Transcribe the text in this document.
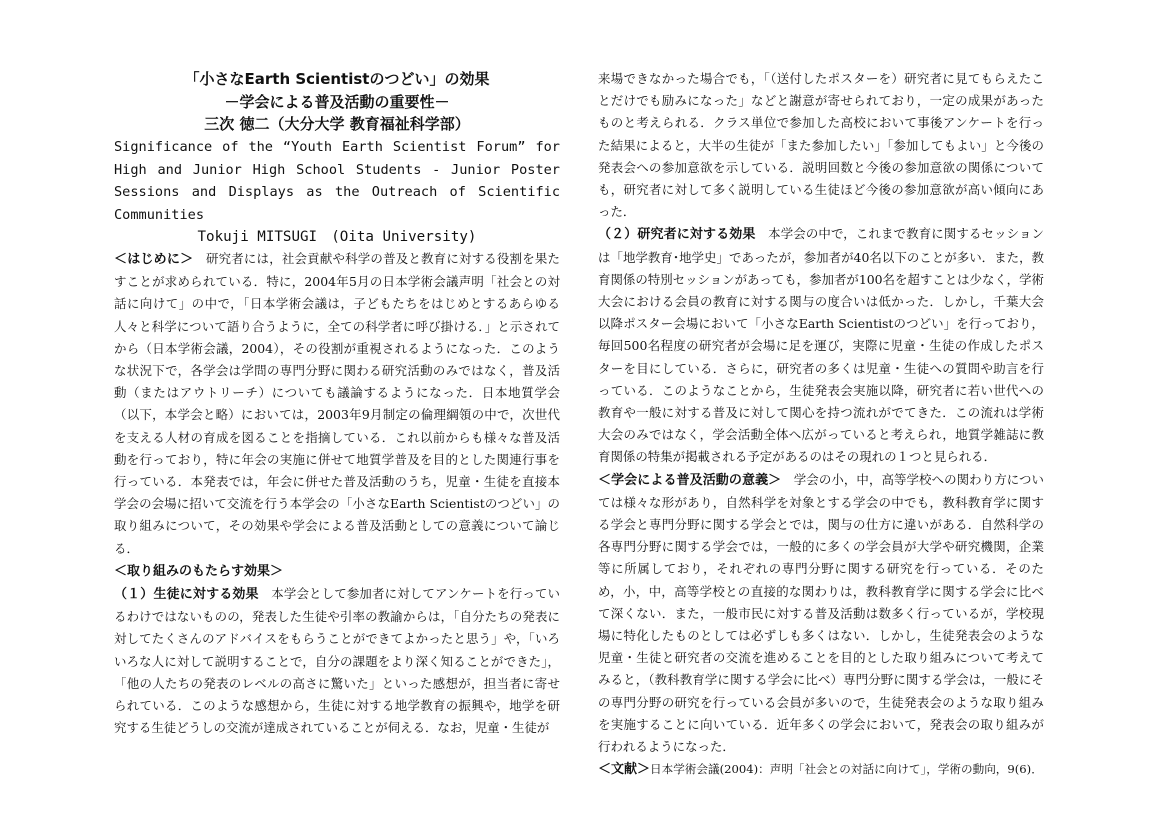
「小さなEarth Scientistのつどい」の効果
－学会による普及活動の重要性－
三次 徳二（大分大学 教育福祉科学部）
Significance of the “Youth Earth Scientist Forum” for High and Junior High School Students - Junior Poster Sessions and Displays as the Outreach of Scientific Communities
Tokuji MITSUGI　(Oita University)

＜はじめに＞　 研究者には，社会貢献や科学の普及と教育に対する役割を果たすことが求められている．特に，2004年5月の日本学術会議声明「社会との対話に向けて」の中で，「日本学術会議は，子どもたちをはじめとするあらゆる人々と科学について語り合うように，全ての科学者に呼び掛ける．」と示されてから（日本学術会議，2004），その役割が重視されるようになった．このような状況下で，各学会は学問の専門分野に関わる研究活動のみではなく，普及活動（またはアウトリーチ）についても議論するようになった．日本地質学会（以下，本学会と略）においては，2003年9月制定の倫理綱領の中で，次世代を支える人材の育成を図ることを指摘している．これ以前からも様々な普及活動を行っており，特に年会の実施に併せて地質学普及を目的とした関連行事を行っている．本発表では，年会に併せた普及活動のうち，児童・生徒を直接本学会の会場に招いて交流を行う本学会の「小さなEarth Scientistのつどい」の取り組みについて，その効果や学会による普及活動としての意義について論じる．

＜取り組みのもたらす効果＞

（１）生徒に対する効果　 本学会として参加者に対してアンケートを行っているわけではないものの，発表した生徒や引率の教諭からは，「自分たちの発表に対してたくさんのアドバイスをもらうことができてよかったと思う」や，「いろいろな人に対して説明することで，自分の課題をより深く知ることができた」，「他の人たちの発表のレベルの高さに驚いた」といった感想が，担当者に寄せられている．このような感想から，生徒に対する地学教育の振興や，地学を研究する生徒どうしの交流が達成されていることが伺える．なお，児童・生徒が

来場できなかった場合でも，「（送付したポスターを）研究者に見てもらえたことだけでも励みになった」などと謝意が寄せられており，一定の成果があったものと考えられる．クラス単位で参加した高校において事後アンケートを行った結果によると，大半の生徒が「また参加したい」「参加してもよい」と今後の発表会への参加意欲を示している．説明回数と今後の参加意欲の関係についても，研究者に対して多く説明している生徒ほど今後の参加意欲が高い傾向にあった．

（２）研究者に対する効果　 本学会の中で，これまで教育に関するセッションは「地学教育･地学史」であったが，参加者が40名以下のことが多い．また，教育関係の特別セッションがあっても，参加者が100名を超すことは少なく，学術大会における会員の教育に対する関与の度合いは低かった．しかし，千葉大会以降ポスター会場において「小さなEarth Scientistのつどい」を行っており，毎回500名程度の研究者が会場に足を運び，実際に児童・生徒の作成したポスターを目にしている．さらに，研究者の多くは児童・生徒への質問や助言を行っている．このようなことから，生徒発表会実施以降，研究者に若い世代への教育や一般に対する普及に対して関心を持つ流れがでてきた．この流れは学術大会のみではなく，学会活動全体へ広がっていると考えられ，地質学雑誌に教育関係の特集が掲載される予定があるのはその現れの１つと見られる．

＜学会による普及活動の意義＞　 学会の小，中，高等学校への関わり方については様々な形があり，自然科学を対象とする学会の中でも，教科教育学に関する学会と専門分野に関する学会とでは，関与の仕方に違いがある．自然科学の各専門分野に関する学会では，一般的に多くの学会員が大学や研究機関，企業等に所属しており，それぞれの専門分野に関する研究を行っている．そのため，小，中，高等学校との直接的な関わりは，教科教育学に関する学会に比べて深くない．また，一般市民に対する普及活動は数多く行っているが，学校現場に特化したものとしては必ずしも多くはない．しかし，生徒発表会のような児童・生徒と研究者の交流を進めることを目的とした取り組みについて考えてみると，（教科教育学に関する学会に比べ）専門分野に関する学会は，一般にその専門分野の研究を行っている会員が多いので，生徒発表会のような取り組みを実施することに向いている．近年多くの学会において，発表会の取り組みが行われるようになった．

＜文献＞日本学術会議(2004)：声明「社会との対話に向けて」，学術の動向，9(6)．
